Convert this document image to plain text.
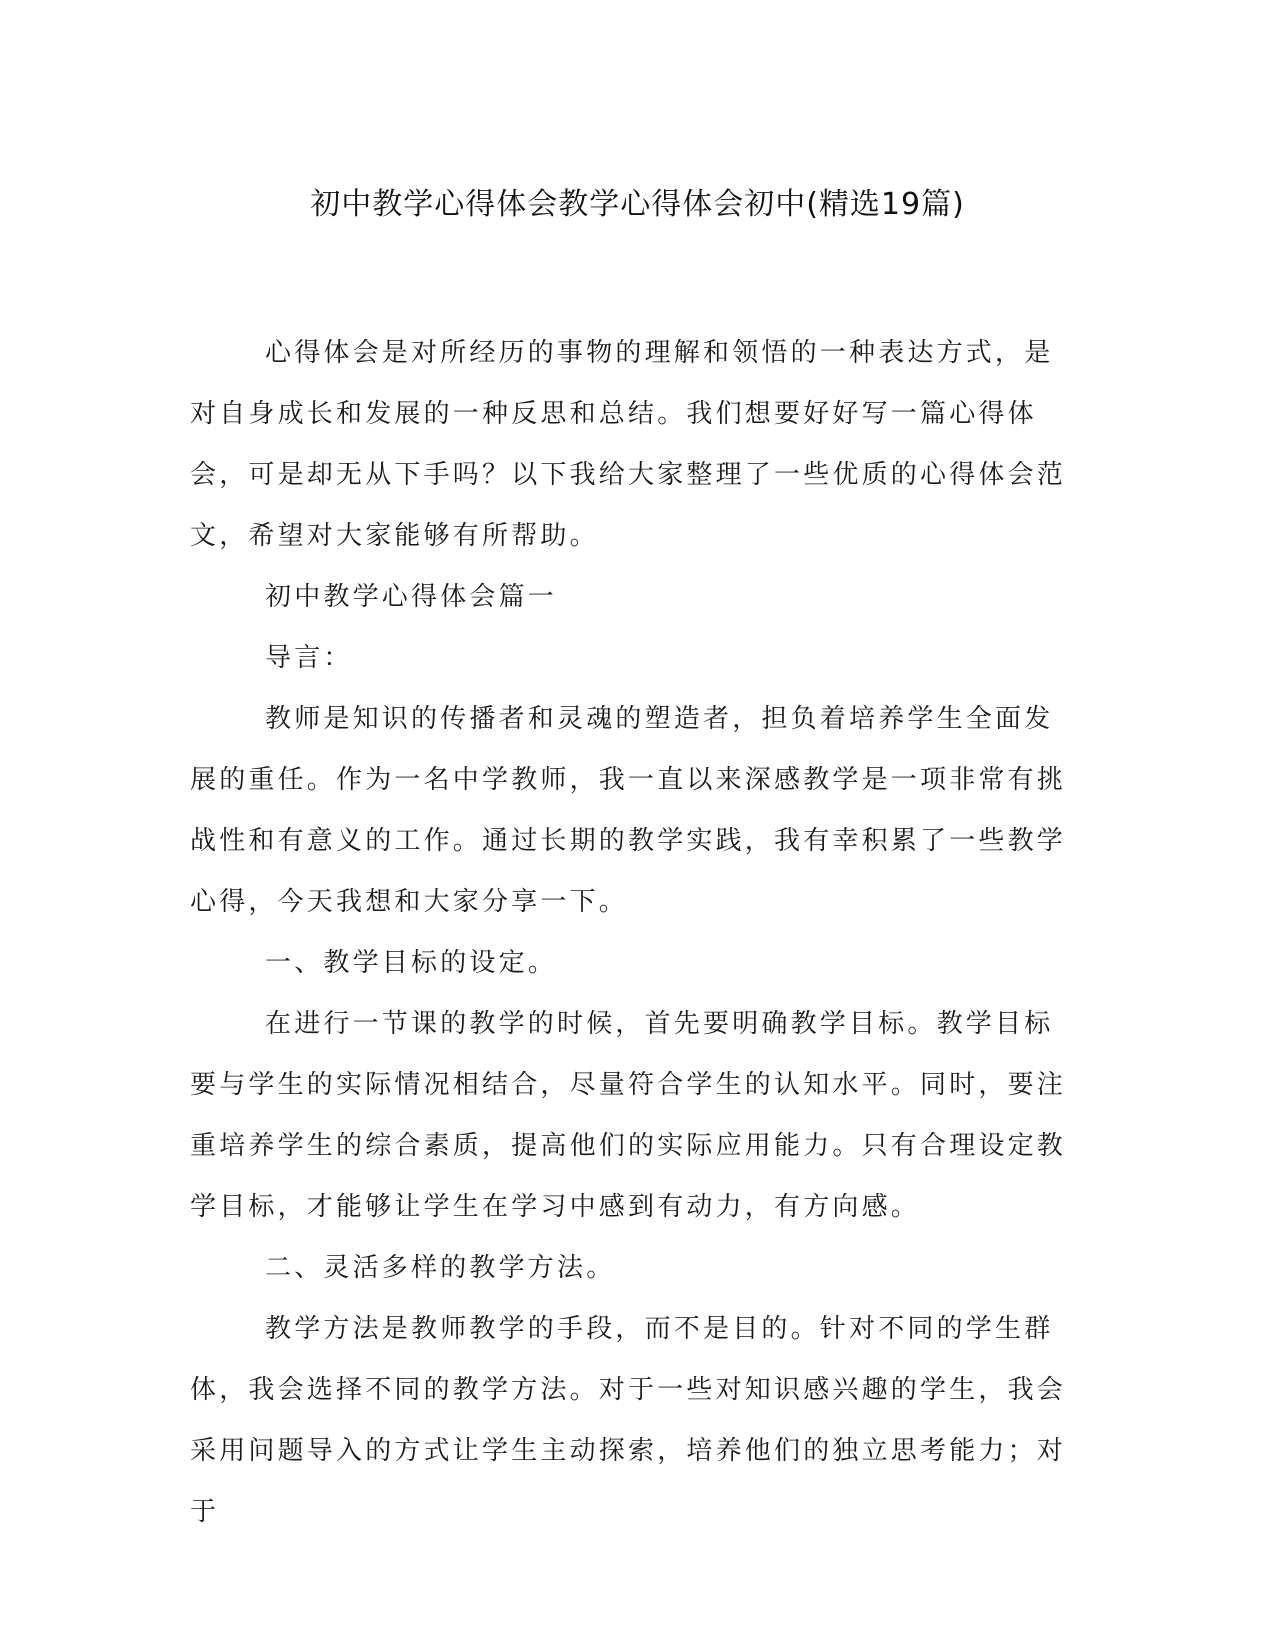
初中教学心得体会教学心得体会初中(精选19篇)

心得体会是对所经历的事物的理解和领悟的一种表达方式，是对自身成长和发展的一种反思和总结。我们想要好好写一篇心得体会，可是却无从下手吗？以下我给大家整理了一些优质的心得体会范文，希望对大家能够有所帮助。

初中教学心得体会篇一

导言：

教师是知识的传播者和灵魂的塑造者，担负着培养学生全面发展的重任。作为一名中学教师，我一直以来深感教学是一项非常有挑战性和有意义的工作。通过长期的教学实践，我有幸积累了一些教学心得，今天我想和大家分享一下。

一、教学目标的设定。

在进行一节课的教学的时候，首先要明确教学目标。教学目标要与学生的实际情况相结合，尽量符合学生的认知水平。同时，要注重培养学生的综合素质，提高他们的实际应用能力。只有合理设定教学目标，才能够让学生在学习中感到有动力，有方向感。

二、灵活多样的教学方法。

教学方法是教师教学的手段，而不是目的。针对不同的学生群体，我会选择不同的教学方法。对于一些对知识感兴趣的学生，我会采用问题导入的方式让学生主动探索，培养他们的独立思考能力；对于
